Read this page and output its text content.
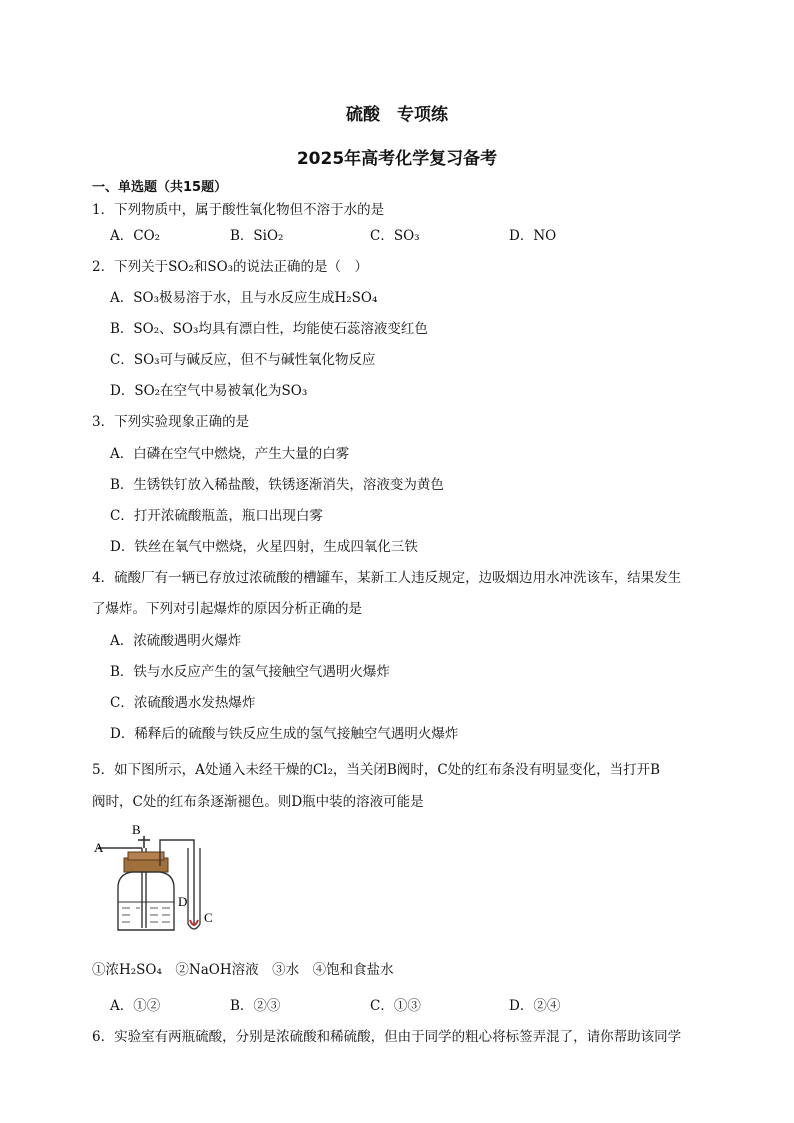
硫酸　专项练
2025年高考化学复习备考
一、单选题（共15题）
1．下列物质中，属于酸性氧化物但不溶于水的是
A．CO₂	B．SiO₂	C．SO₃	D．NO
2．下列关于SO₂和SO₃的说法正确的是（　）
A．SO₃极易溶于水，且与水反应生成H₂SO₄
B．SO₂、SO₃均具有漂白性，均能使石蕊溶液变红色
C．SO₃可与碱反应，但不与碱性氧化物反应
D．SO₂在空气中易被氧化为SO₃
3．下列实验现象正确的是
A．白磷在空气中燃烧，产生大量的白雾
B．生锈铁钉放入稀盐酸，铁锈逐渐消失，溶液变为黄色
C．打开浓硫酸瓶盖，瓶口出现白雾
D．铁丝在氧气中燃烧，火星四射，生成四氧化三铁
4．硫酸厂有一辆已存放过浓硫酸的槽罐车，某新工人违反规定，边吸烟边用水冲洗该车，结果发生
了爆炸。下列对引起爆炸的原因分析正确的是
A．浓硫酸遇明火爆炸
B．铁与水反应产生的氢气接触空气遇明火爆炸
C．浓硫酸遇水发热爆炸
D．稀释后的硫酸与铁反应生成的氢气接触空气遇明火爆炸
5．如下图所示，A处通入未经干燥的Cl₂，当关闭B阀时，C处的红布条没有明显变化，当打开B
阀时，C处的红布条逐渐褪色。则D瓶中装的溶液可能是
A
B
D
C
①浓H₂SO₄　②NaOH溶液　③水　④饱和食盐水
A．①②	B．②③	C．①③	D．②④
6．实验室有两瓶硫酸，分别是浓硫酸和稀硫酸，但由于同学的粗心将标签弄混了，请你帮助该同学
